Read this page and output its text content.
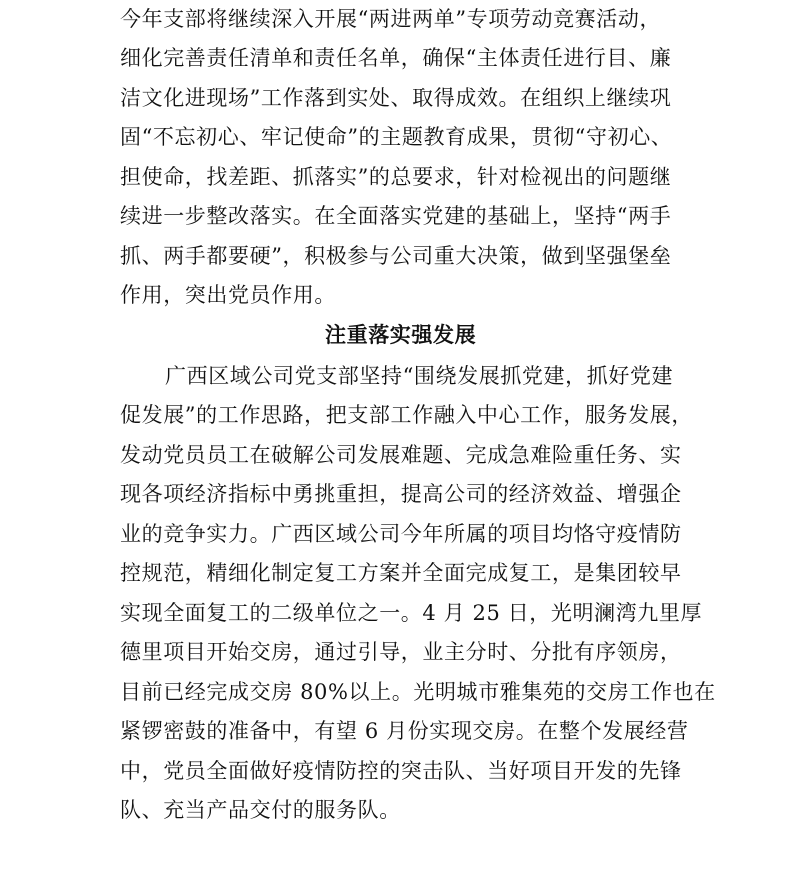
今年支部将继续深入开展“两进两单”专项劳动竞赛活动，
细化完善责任清单和责任名单，确保“主体责任进行目、廉
洁文化进现场”工作落到实处、取得成效。在组织上继续巩
固“不忘初心、牢记使命”的主题教育成果，贯彻“守初心、
担使命，找差距、抓落实”的总要求，针对检视出的问题继
续进一步整改落实。在全面落实党建的基础上，坚持“两手
抓、两手都要硬”，积极参与公司重大决策，做到坚强堡垒
作用，突出党员作用。
注重落实强发展
广西区域公司党支部坚持“围绕发展抓党建，抓好党建
促发展”的工作思路，把支部工作融入中心工作，服务发展，
发动党员员工在破解公司发展难题、完成急难险重任务、实
现各项经济指标中勇挑重担，提高公司的经济效益、增强企
业的竞争实力。广西区域公司今年所属的项目均恪守疫情防
控规范，精细化制定复工方案并全面完成复工，是集团较早
实现全面复工的二级单位之一。4 月 25 日，光明澜湾九里厚
德里项目开始交房，通过引导，业主分时、分批有序领房，
目前已经完成交房 80%以上。光明城市雅集苑的交房工作也在
紧锣密鼓的准备中，有望 6 月份实现交房。在整个发展经营
中，党员全面做好疫情防控的突击队、当好项目开发的先锋
队、充当产品交付的服务队。
